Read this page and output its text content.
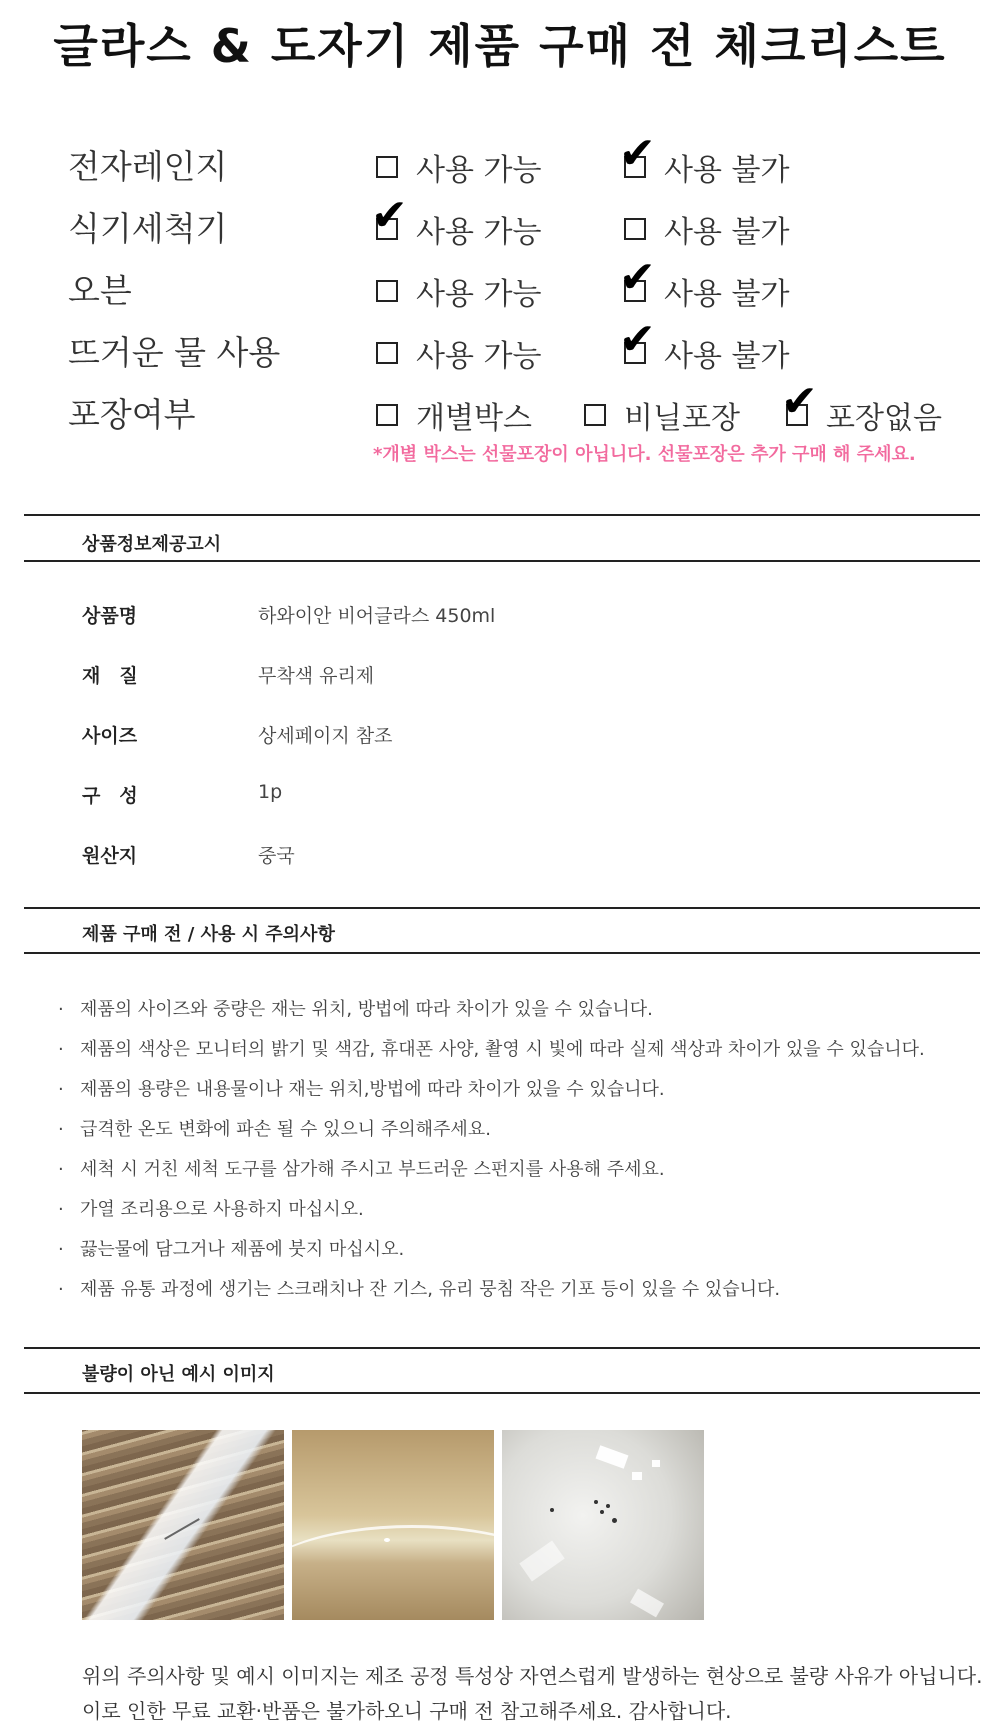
글라스 & 도자기 제품 구매 전 체크리스트
전자레인지	사용 가능 ✔ 사용 불가
식기세척기	✔ 사용 가능	사용 불가
오븐	사용 가능 ✔ 사용 불가
뜨거운 물 사용	사용 가능 ✔ 사용 불가
포장여부	개별박스	비닐포장 ✔ 포장없음
*개별 박스는 선물포장이 아닙니다. 선물포장은 추가 구매 해 주세요.
상품정보제공고시
상품명	하와이안 비어글라스 450ml
재　질	무착색 유리제
사이즈	상세페이지 참조
구　성	1p
원산지	중국
제품 구매 전 / 사용 시 주의사항
· 제품의 사이즈와 중량은 재는 위치, 방법에 따라 차이가 있을 수 있습니다.
· 제품의 색상은 모니터의 밝기 및 색감, 휴대폰 사양, 촬영 시 빛에 따라 실제 색상과 차이가 있을 수 있습니다.
· 제품의 용량은 내용물이나 재는 위치,방법에 따라 차이가 있을 수 있습니다.
· 급격한 온도 변화에 파손 될 수 있으니 주의해주세요.
· 세척 시 거친 세척 도구를 삼가해 주시고 부드러운 스펀지를 사용해 주세요.
· 가열 조리용으로 사용하지 마십시오.
· 끓는물에 담그거나 제품에 붓지 마십시오.
· 제품 유통 과정에 생기는 스크래치나 잔 기스, 유리 뭉침 작은 기포 등이 있을 수 있습니다.
불량이 아닌 예시 이미지
위의 주의사항 및 예시 이미지는 제조 공정 특성상 자연스럽게 발생하는 현상으로 불량 사유가 아닙니다.
이로 인한 무료 교환·반품은 불가하오니 구매 전 참고해주세요. 감사합니다.
